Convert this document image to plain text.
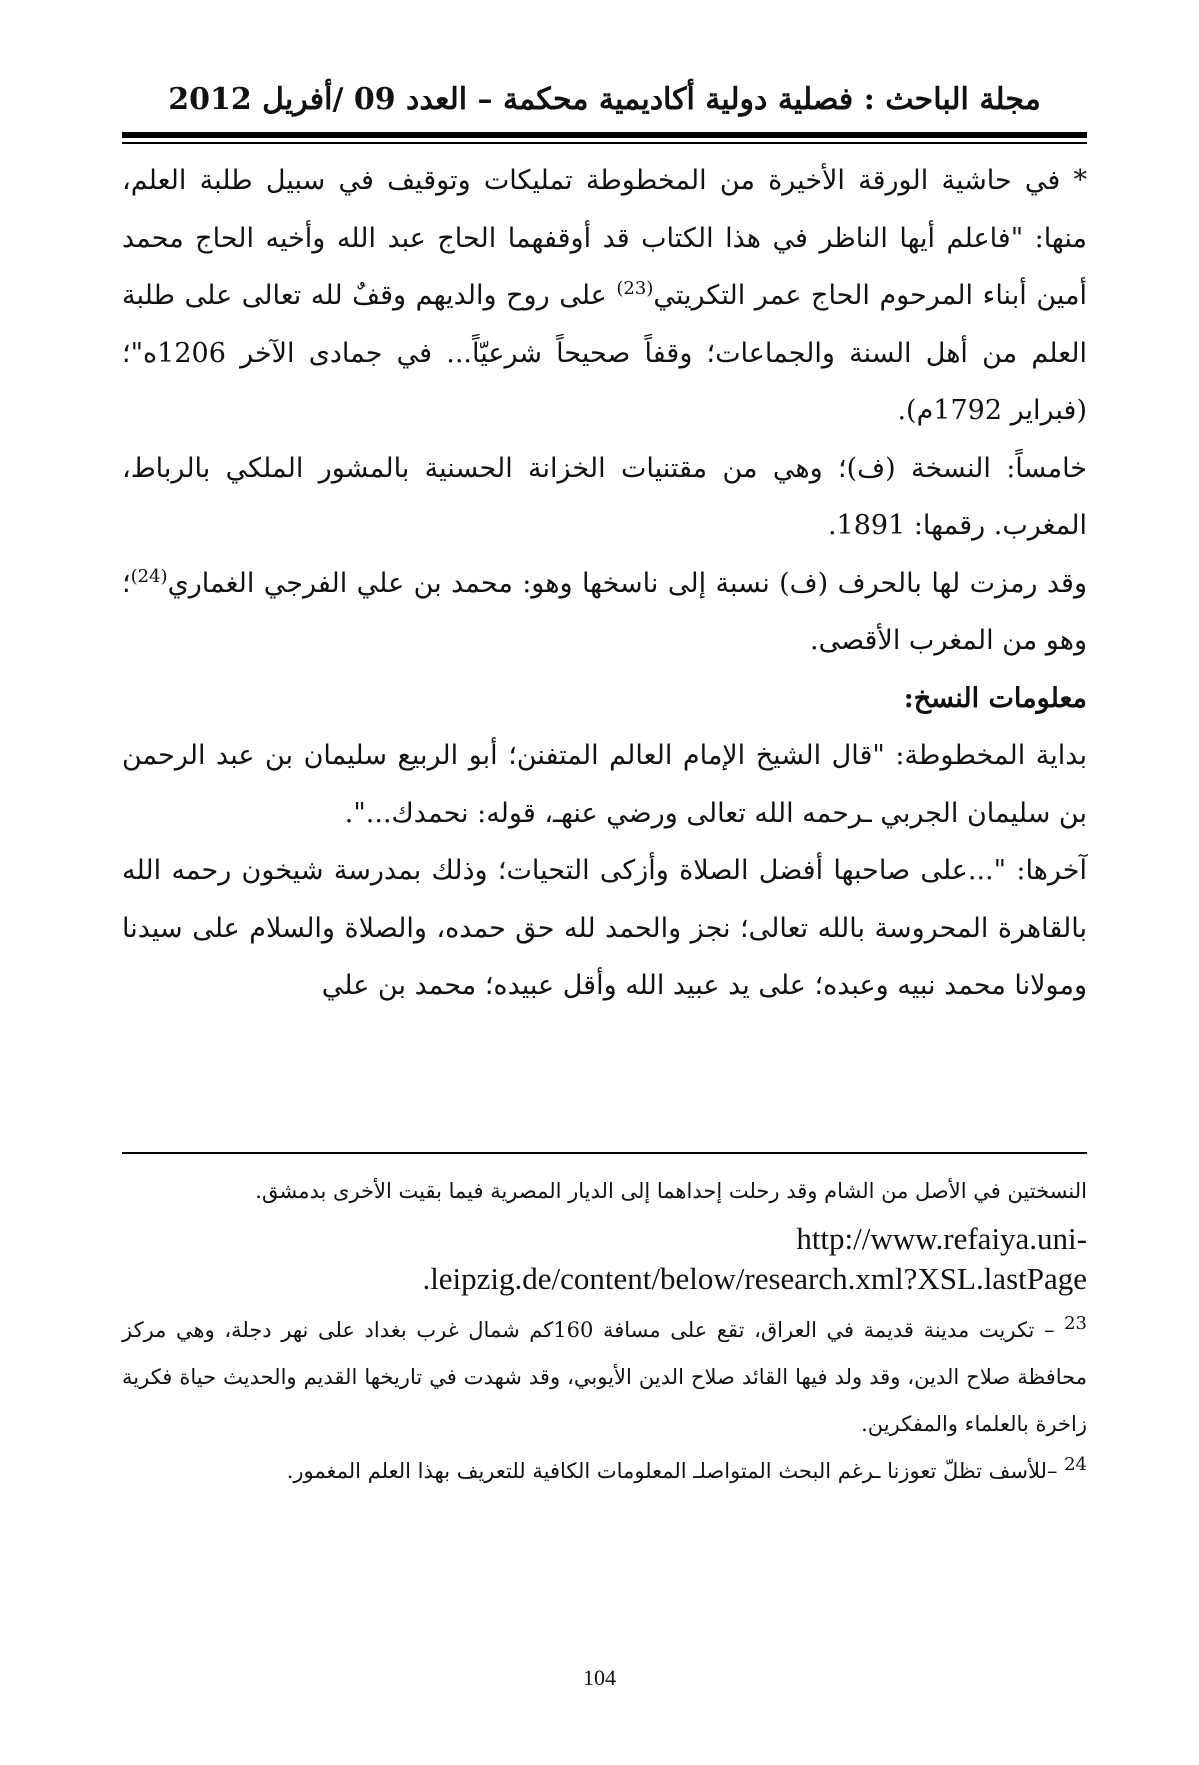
مجلة الباحث : فصلية دولية أكاديمية محكمة – العدد 09 /أفريل 2012

* في حاشية الورقة الأخيرة من المخطوطة تمليكات وتوقيف في سبيل طلبة العلم، منها: "فاعلم أيها الناظر في هذا الكتاب قد أوقفهما الحاج عبد الله وأخيه الحاج محمد أمين أبناء المرحوم الحاج عمر التكريتي$^{(23)}$ على روح والديهم وقفٌ لله تعالى على طلبة العلم من أهل السنة والجماعات؛ وقفاً صحيحاً شرعيّاً... في جمادى الآخر 1206ه"؛ (فبراير 1792م).

خامساً: النسخة (ف)؛ وهي من مقتنيات الخزانة الحسنية بالمشور الملكي بالرباط، المغرب. رقمها: 1891.

وقد رمزت لها بالحرف (ف) نسبة إلى ناسخها وهو: محمد بن علي الفرجي الغماري$^{(24)}$؛ وهو من المغرب الأقصى.

معلومات النسخ:

بداية المخطوطة: "قال الشيخ الإمام العالم المتفنن؛ أبو الربيع سليمان بن عبد الرحمن بن سليمان الجربي ـرحمه الله تعالى ورضي عنهـ، قوله: نحمدك...".

آخرها: "...على صاحبها أفضل الصلاة وأزكى التحيات؛ وذلك بمدرسة شيخون رحمه الله بالقاهرة المحروسة بالله تعالى؛ نجز والحمد لله حق حمده، والصلاة والسلام على سيدنا ومولانا محمد نبيه وعبده؛ على يد عبيد الله وأقل عبيده؛ محمد بن علي

النسختين في الأصل من الشام وقد رحلت إحداهما إلى الديار المصرية فيما بقيت الأخرى بدمشق.

http://www.refaiya.uni-
.leipzig.de/content/below/research.xml?XSL.lastPage

$^{23}$ – تكريت مدينة قديمة في العراق، تقع على مسافة 160كم شمال غرب بغداد على نهر دجلة، وهي مركز محافظة صلاح الدين، وقد ولد فيها القائد صلاح الدين الأيوبي، وقد شهدت في تاريخها القديم والحديث حياة فكرية زاخرة بالعلماء والمفكرين.

$^{24}$ –للأسف تظلّ تعوزنا ـرغم البحث المتواصلـ المعلومات الكافية للتعريف بهذا العلم المغمور.

104
